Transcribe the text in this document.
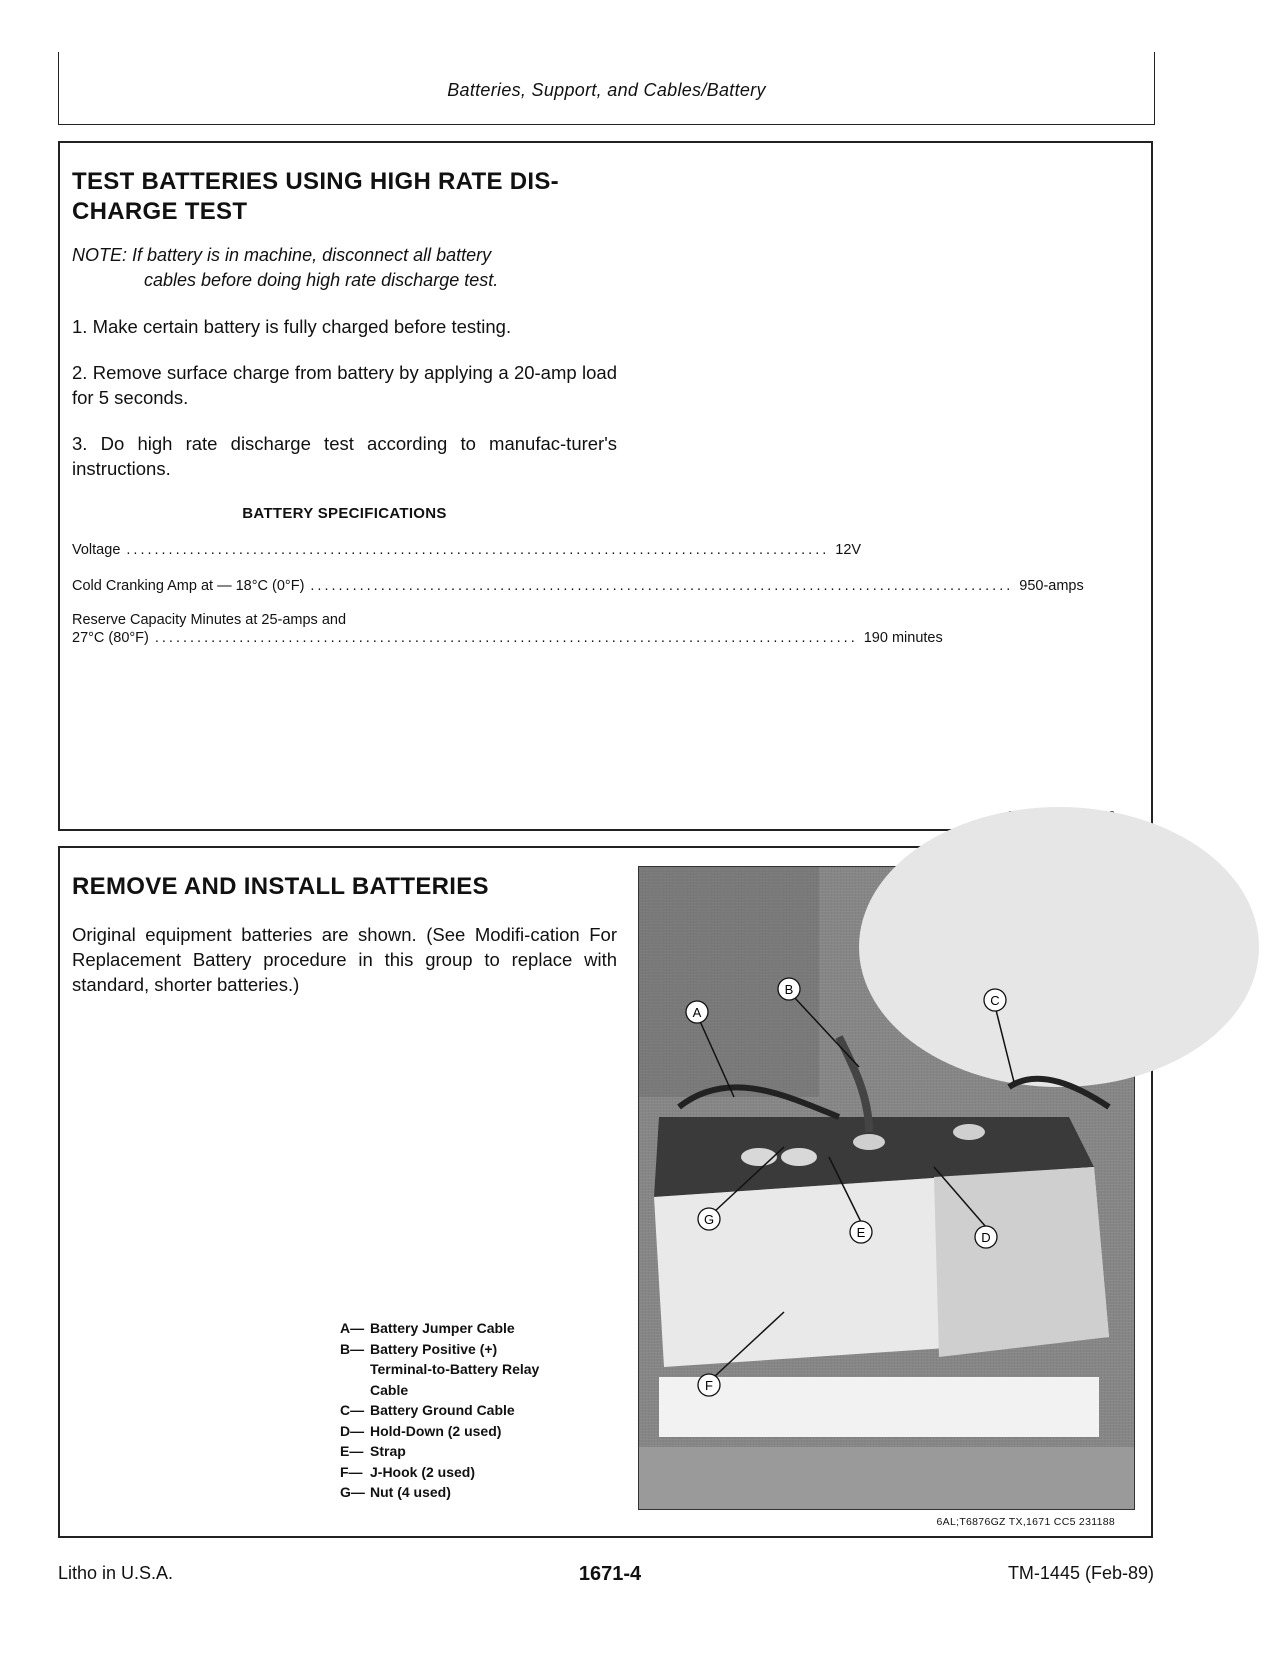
Batteries, Support, and Cables/Battery
TEST BATTERIES USING HIGH RATE DIS-
CHARGE TEST
NOTE: If battery is in machine, disconnect all battery
cables before doing high rate discharge test.
1. Make certain battery is fully charged before testing.
2. Remove surface charge from battery by applying a 20-amp load for 5 seconds.
3. Do high rate discharge test according to manufac-turer's instructions.
BATTERY SPECIFICATIONS
Voltage .................................................................................................... 12V
Cold Cranking Amp at — 18°C (0°F) .................................................................................................... 950-amps
Reserve Capacity Minutes at 25-amps and
27°C (80°F) .................................................................................................... 190 minutes
REMOVE AND INSTALL BATTERIES
Original equipment batteries are shown. (See Modifi-cation For Replacement Battery procedure in this group to replace with standard, shorter batteries.)
A
B
C
D
E
F
G
A— Battery Jumper Cable
B— Battery Positive (+)
Terminal-to-Battery Relay
Cable
C— Battery Ground Cable
D— Hold-Down (2 used)
E— Strap
F— J-Hook (2 used)
G— Nut (4 used)
6AL;T6876GZ TX,1671 CC5 231188
Litho in U.S.A.	1671-4	TM-1445 (Feb-89)
